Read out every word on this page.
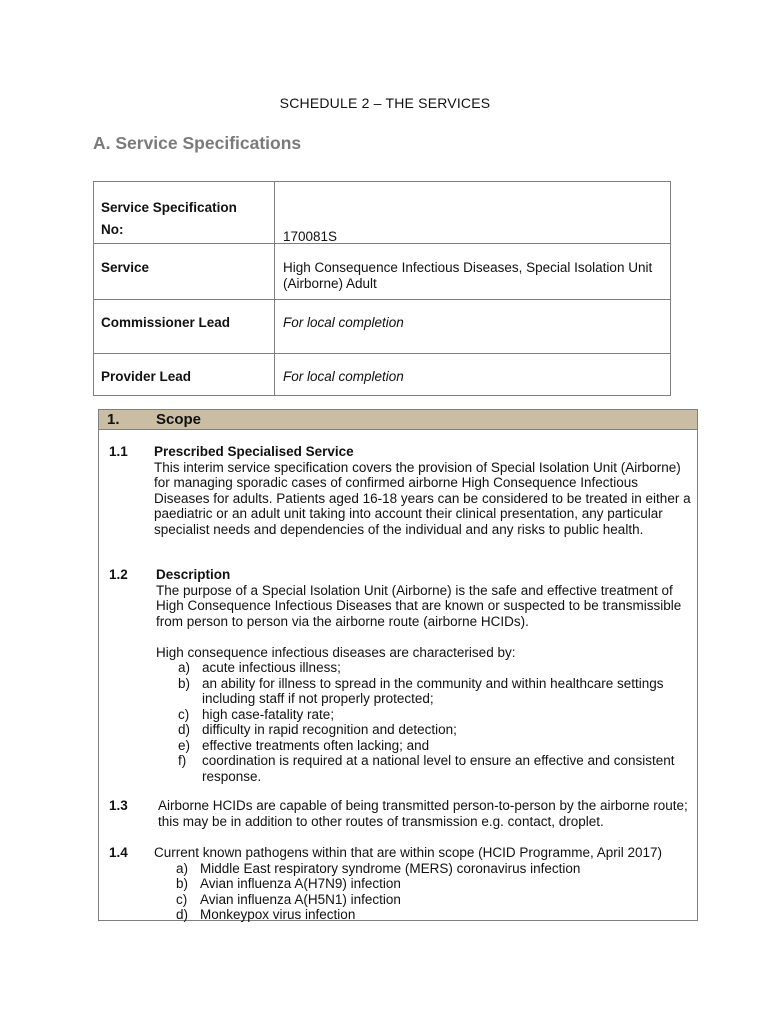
SCHEDULE 2 – THE SERVICES
A. Service Specifications
Service Specification No:	170081S

Service	High Consequence Infectious Diseases, Special Isolation Unit (Airborne) Adult

Commissioner Lead	For local completion

Provider Lead	For local completion
1. Scope
1.1 Prescribed Specialised Service
This interim service specification covers the provision of Special Isolation Unit (Airborne) for managing sporadic cases of confirmed airborne High Consequence Infectious Diseases for adults. Patients aged 16-18 years can be considered to be treated in either a paediatric or an adult unit taking into account their clinical presentation, any particular specialist needs and dependencies of the individual and any risks to public health.
1.2 Description
The purpose of a Special Isolation Unit (Airborne) is the safe and effective treatment of High Consequence Infectious Diseases that are known or suspected to be transmissible from person to person via the airborne route (airborne HCIDs).
High consequence infectious diseases are characterised by:
a) acute infectious illness;
b) an ability for illness to spread in the community and within healthcare settings including staff if not properly protected;
c) high case-fatality rate;
d) difficulty in rapid recognition and detection;
e) effective treatments often lacking; and
f) coordination is required at a national level to ensure an effective and consistent response.
1.3 Airborne HCIDs are capable of being transmitted person-to-person by the airborne route; this may be in addition to other routes of transmission e.g. contact, droplet.
1.4 Current known pathogens within that are within scope (HCID Programme, April 2017)
a) Middle East respiratory syndrome (MERS) coronavirus infection
b) Avian influenza A(H7N9) infection
c) Avian influenza A(H5N1) infection
d) Monkeypox virus infection
